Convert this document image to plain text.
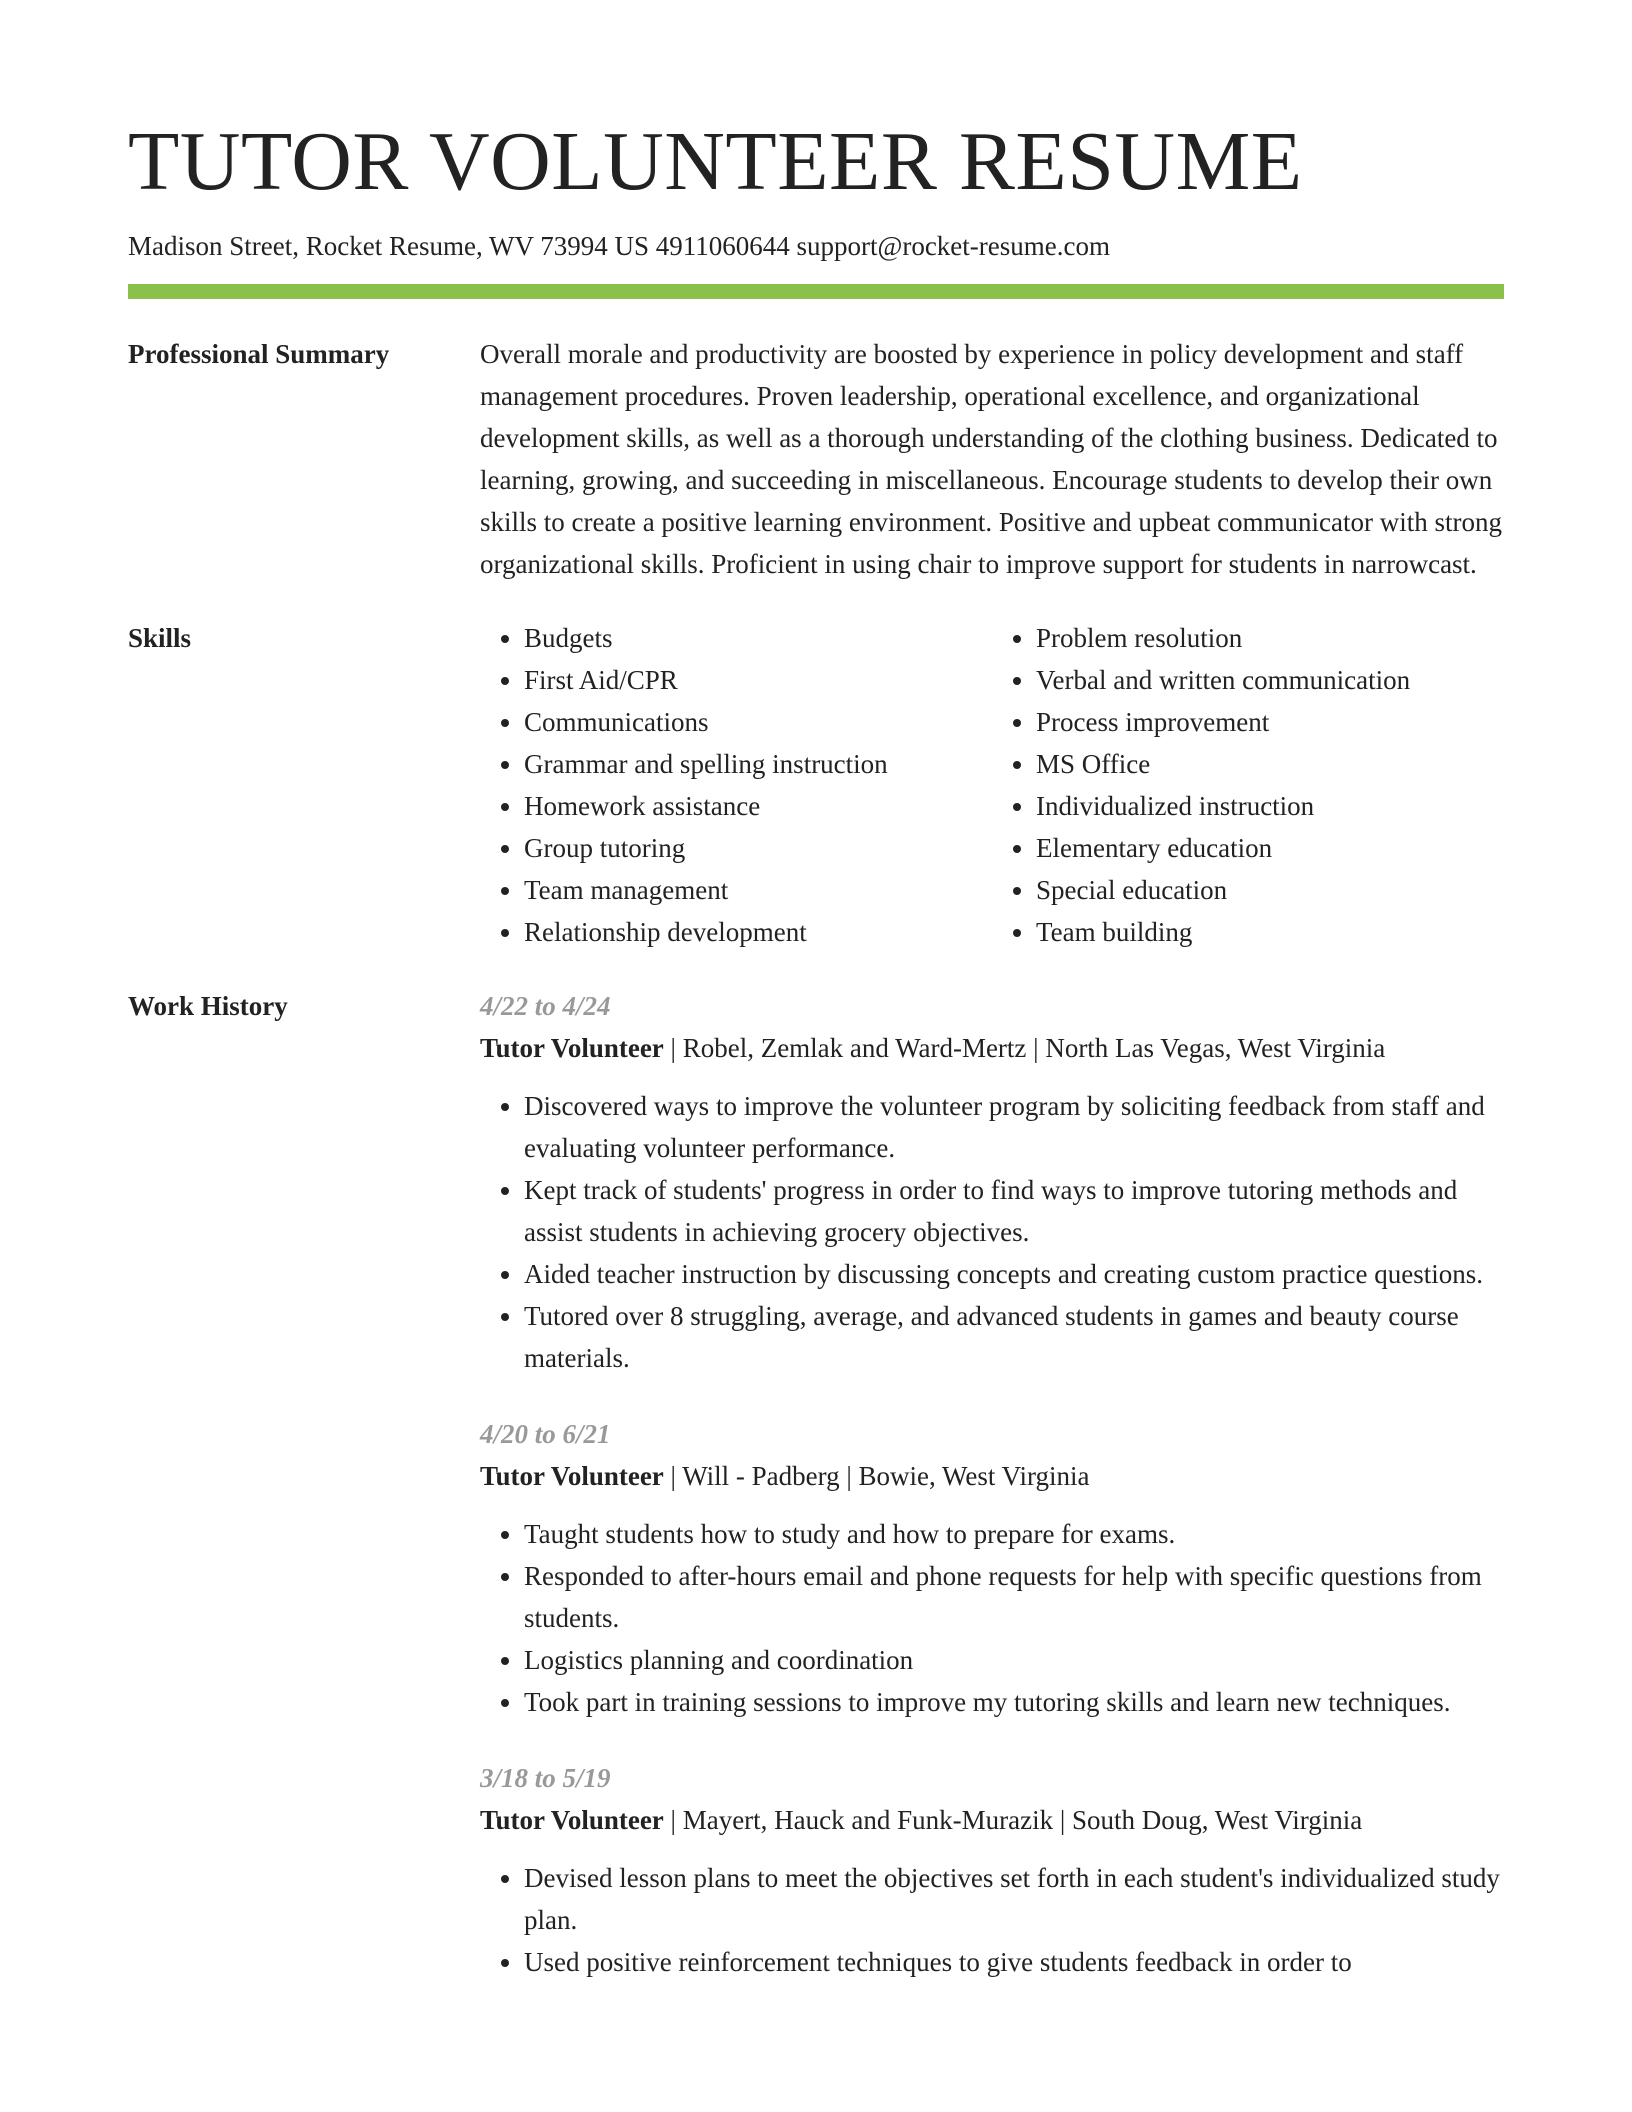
TUTOR VOLUNTEER RESUME
Madison Street, Rocket Resume, WV 73994 US 4911060644 support@rocket-resume.com
Professional Summary	Overall morale and productivity are boosted by experience in policy development and staff management procedures. Proven leadership, operational excellence, and organizational development skills, as well as a thorough understanding of the clothing business. Dedicated to learning, growing, and succeeding in miscellaneous. Encourage students to develop their own skills to create a positive learning environment. Positive and upbeat communicator with strong organizational skills. Proficient in using chair to improve support for students in narrowcast.
Skills
•	Budgets
• First Aid/CPR
• Communications
• Grammar and spelling instruction
• Homework assistance
• Group tutoring
• Team management
• Relationship development
• Problem resolution
• Verbal and written communication
• Process improvement
• MS Office
• Individualized instruction
• Elementary education
• Special education
• Team building
Work History	4/22 to 4/24
Tutor Volunteer | Robel, Zemlak and Ward-Mertz | North Las Vegas, West Virginia
• Discovered ways to improve the volunteer program by soliciting feedback from staff and evaluating volunteer performance.
• Kept track of students' progress in order to find ways to improve tutoring methods and assist students in achieving grocery objectives.
• Aided teacher instruction by discussing concepts and creating custom practice questions.
• Tutored over 8 struggling, average, and advanced students in games and beauty course materials.
4/20 to 6/21
Tutor Volunteer | Will - Padberg | Bowie, West Virginia
• Taught students how to study and how to prepare for exams.
• Responded to after-hours email and phone requests for help with specific questions from students.
• Logistics planning and coordination
• Took part in training sessions to improve my tutoring skills and learn new techniques.
3/18 to 5/19
Tutor Volunteer | Mayert, Hauck and Funk-Murazik | South Doug, West Virginia
• Devised lesson plans to meet the objectives set forth in each student's individualized study plan.
• Used positive reinforcement techniques to give students feedback in order to
